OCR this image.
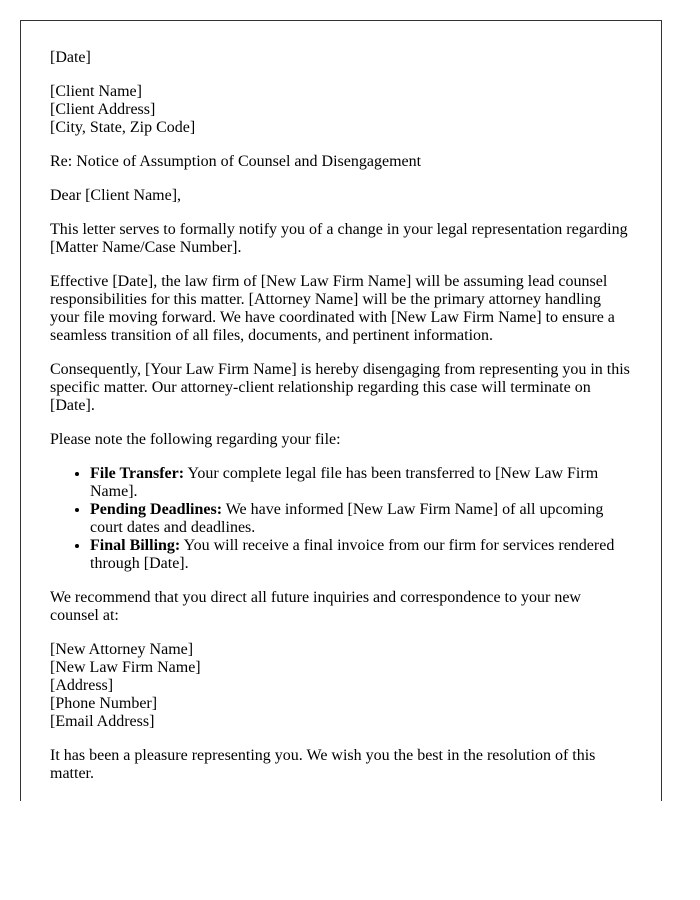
[Date]

[Client Name]
[Client Address]
[City, State, Zip Code]

Re: Notice of Assumption of Counsel and Disengagement

Dear [Client Name],

This letter serves to formally notify you of a change in your legal representation regarding [Matter Name/Case Number].

Effective [Date], the law firm of [New Law Firm Name] will be assuming lead counsel responsibilities for this matter. [Attorney Name] will be the primary attorney handling your file moving forward. We have coordinated with [New Law Firm Name] to ensure a seamless transition of all files, documents, and pertinent information.

Consequently, [Your Law Firm Name] is hereby disengaging from representing you in this specific matter. Our attorney-client relationship regarding this case will terminate on [Date].

Please note the following regarding your file:

• File Transfer: Your complete legal file has been transferred to [New Law Firm Name].
• Pending Deadlines: We have informed [New Law Firm Name] of all upcoming court dates and deadlines.
• Final Billing: You will receive a final invoice from our firm for services rendered through [Date].

We recommend that you direct all future inquiries and correspondence to your new counsel at:

[New Attorney Name]
[New Law Firm Name]
[Address]
[Phone Number]
[Email Address]

It has been a pleasure representing you. We wish you the best in the resolution of this matter.
